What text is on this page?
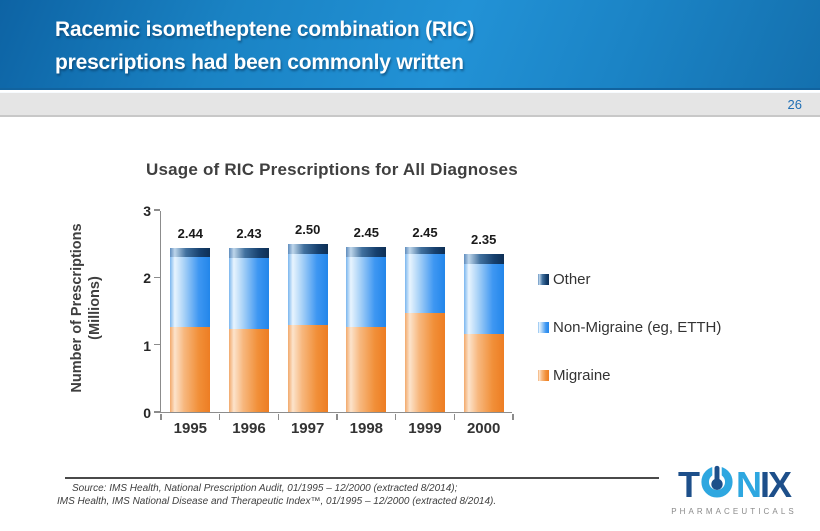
Racemic isometheptene combination (RIC)
prescriptions had been commonly written
26
Usage of RIC Prescriptions for All Diagnoses
Number of Prescriptions (Millions)
0
1
2
3
2.44
1995
2.43
1996
2.50
1997
2.45
1998
2.45
1999
2.35
2000
Other
Non-Migraine (eg, ETTH)
Migraine
Source: IMS Health, National Prescription Audit, 01/1995 – 12/2000 (extracted 8/2014);
IMS Health, IMS National Disease and Therapeutic Index™, 01/1995 – 12/2000 (extracted 8/2014).	T N IX
PHARMACEUTICALS
